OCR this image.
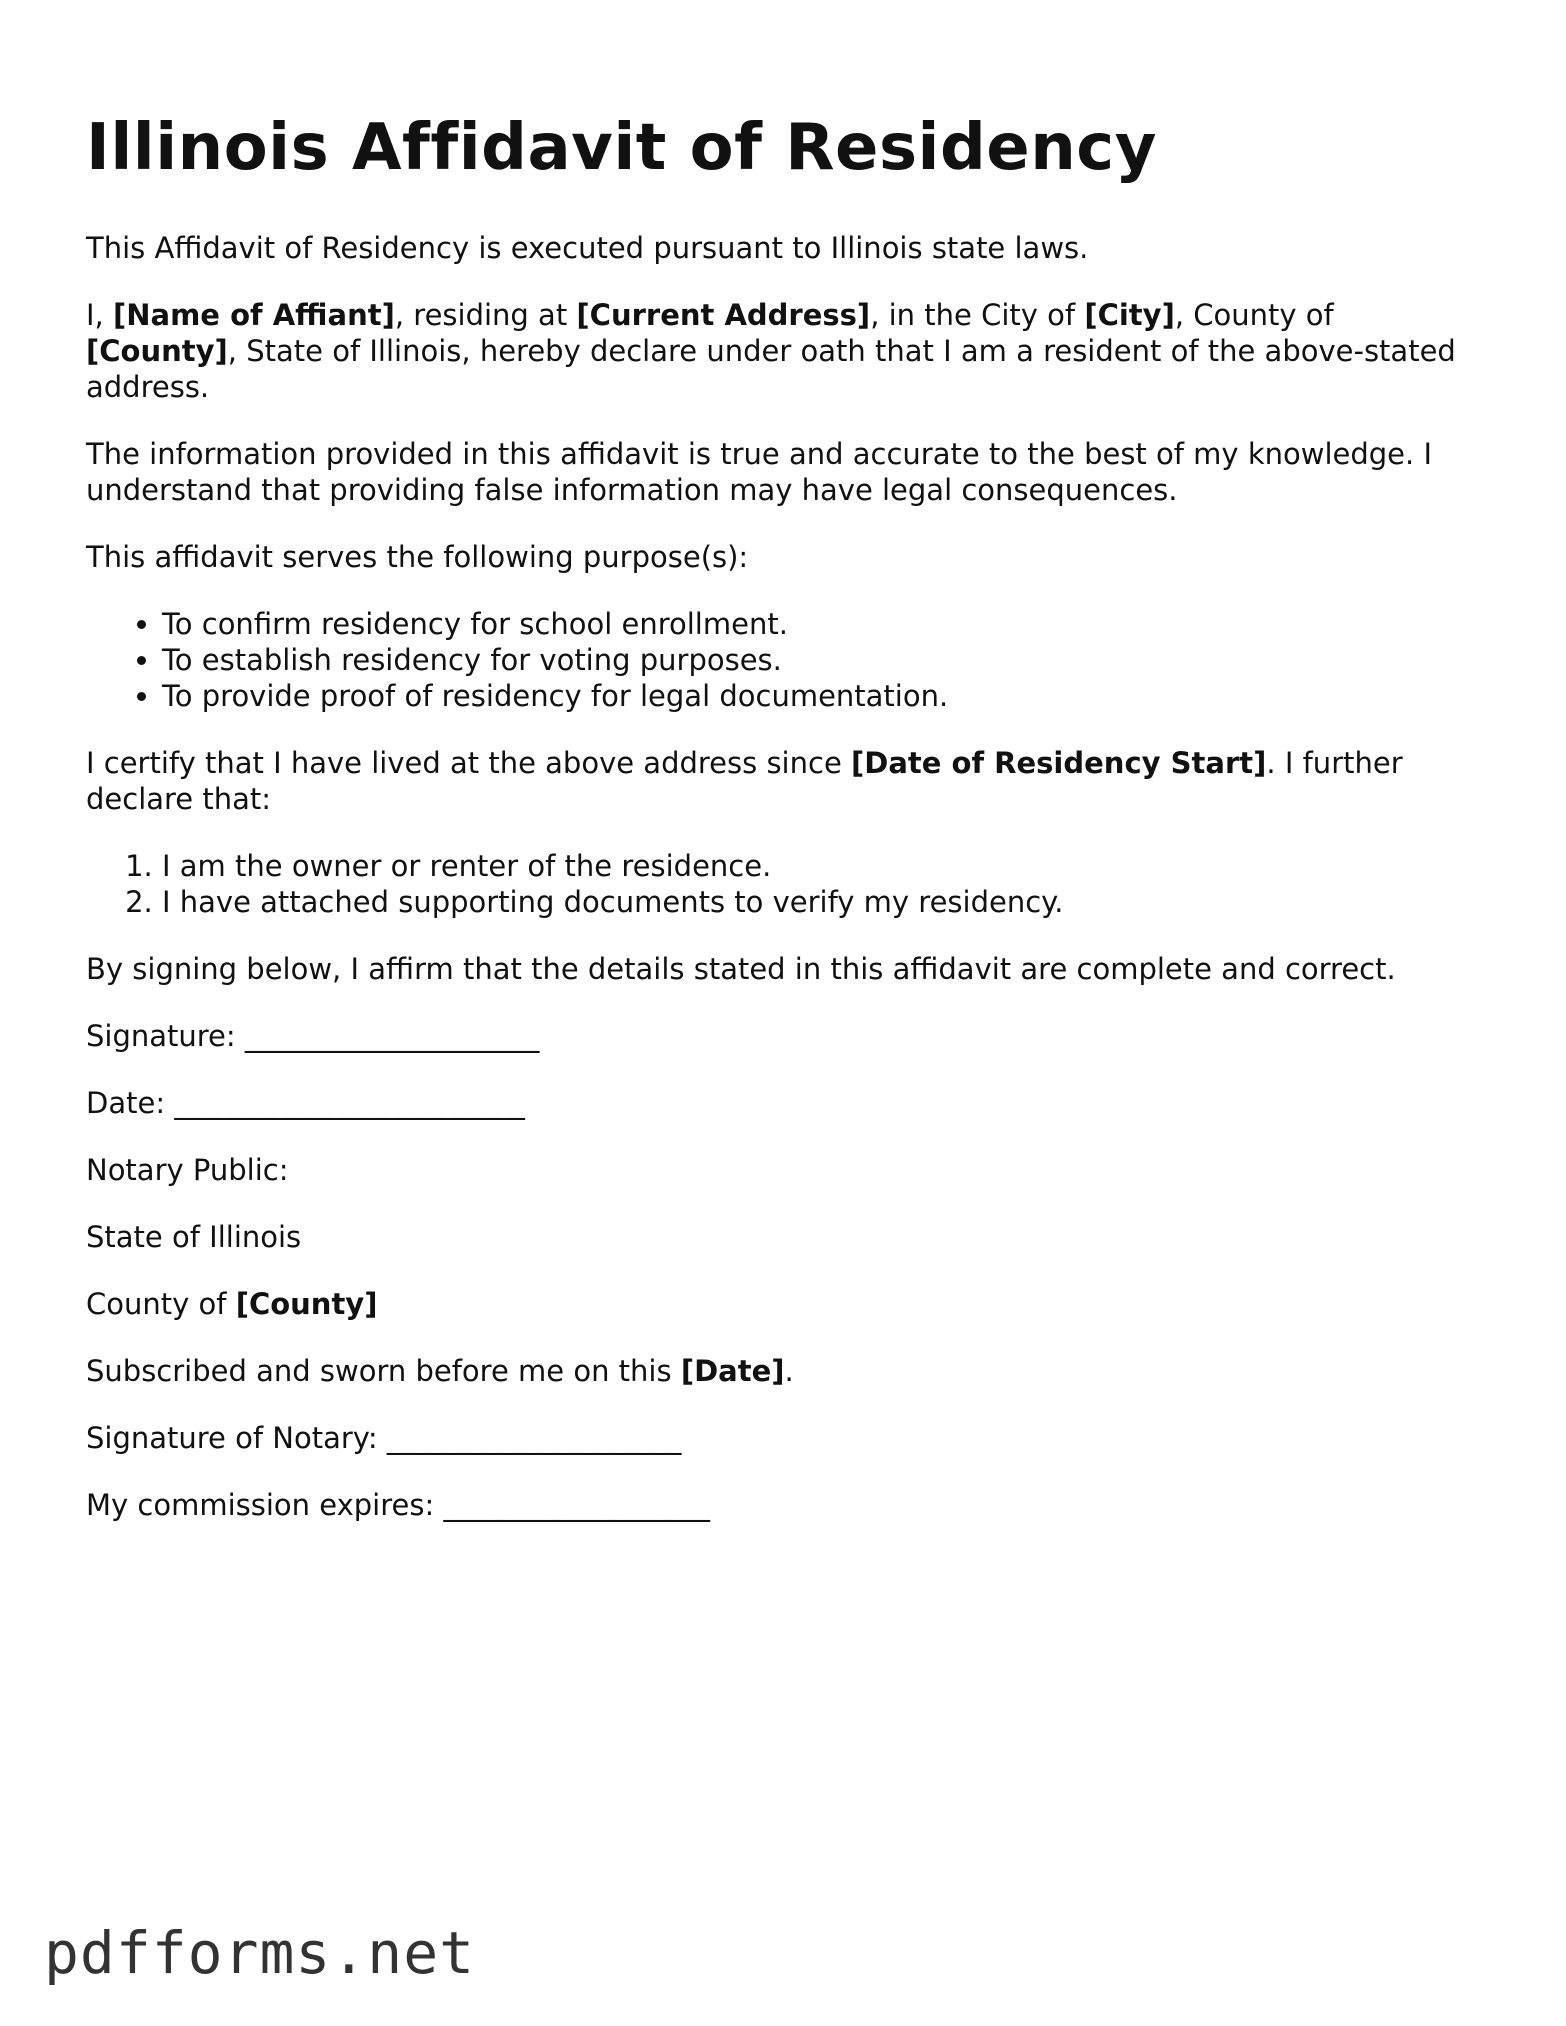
Illinois Affidavit of Residency

This Affidavit of Residency is executed pursuant to Illinois state laws.

I, [Name of Affiant], residing at [Current Address], in the City of [City], County of [County], State of Illinois, hereby declare under oath that I am a resident of the above-stated address.

The information provided in this affidavit is true and accurate to the best of my knowledge. I understand that providing false information may have legal consequences.

This affidavit serves the following purpose(s):

• To confirm residency for school enrollment.
• To establish residency for voting purposes.
• To provide proof of residency for legal documentation.

I certify that I have lived at the above address since [Date of Residency Start]. I further declare that:

1. I am the owner or renter of the residence.
2. I have attached supporting documents to verify my residency.

By signing below, I affirm that the details stated in this affidavit are complete and correct.

Signature: _____________________

Date: _________________________

Notary Public:

State of Illinois

County of [County]

Subscribed and sworn before me on this [Date].

Signature of Notary: _____________________

My commission expires: ___________________

pdfforms.net
